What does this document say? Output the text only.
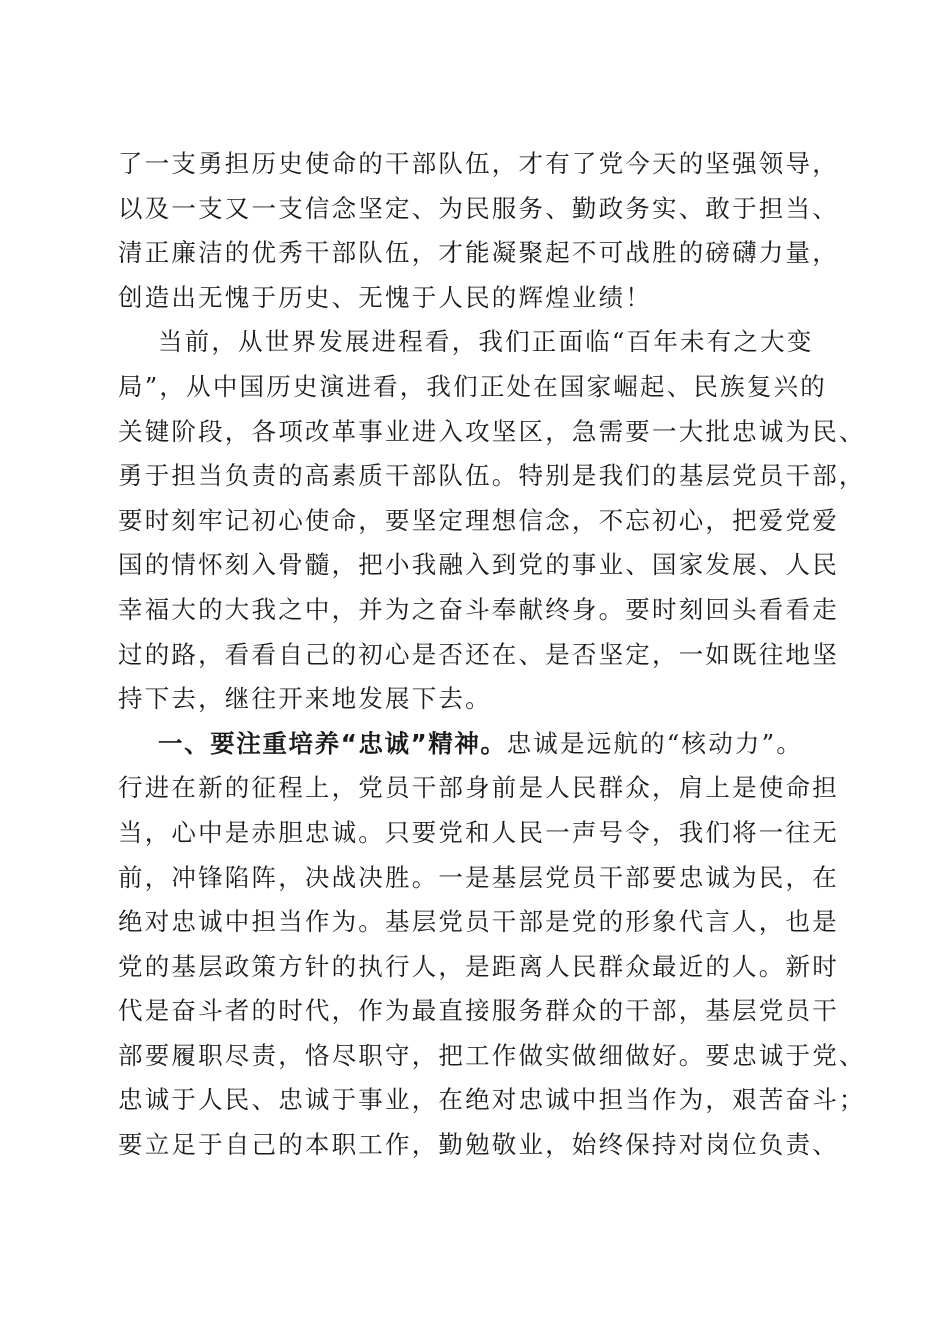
了一支勇担历史使命的干部队伍，才有了党今天的坚强领导，
以及一支又一支信念坚定、为民服务、勤政务实、敢于担当、
清正廉洁的优秀干部队伍，才能凝聚起不可战胜的磅礴力量，
创造出无愧于历史、无愧于人民的辉煌业绩！
当前，从世界发展进程看，我们正面临“百年未有之大变
局”，从中国历史演进看，我们正处在国家崛起、民族复兴的
关键阶段，各项改革事业进入攻坚区，急需要一大批忠诚为民、
勇于担当负责的高素质干部队伍。特别是我们的基层党员干部，
要时刻牢记初心使命，要坚定理想信念，不忘初心，把爱党爱
国的情怀刻入骨髓，把小我融入到党的事业、国家发展、人民
幸福大的大我之中，并为之奋斗奉献终身。要时刻回头看看走
过的路，看看自己的初心是否还在、是否坚定，一如既往地坚
持下去，继往开来地发展下去。
一、要注重培养“忠诚”精神。忠诚是远航的“核动力”。
行进在新的征程上，党员干部身前是人民群众，肩上是使命担
当，心中是赤胆忠诚。只要党和人民一声号令，我们将一往无
前，冲锋陷阵，决战决胜。一是基层党员干部要忠诚为民，在
绝对忠诚中担当作为。基层党员干部是党的形象代言人，也是
党的基层政策方针的执行人，是距离人民群众最近的人。新时
代是奋斗者的时代，作为最直接服务群众的干部，基层党员干
部要履职尽责，恪尽职守，把工作做实做细做好。要忠诚于党、
忠诚于人民、忠诚于事业，在绝对忠诚中担当作为，艰苦奋斗；
要立足于自己的本职工作，勤勉敬业，始终保持对岗位负责、
